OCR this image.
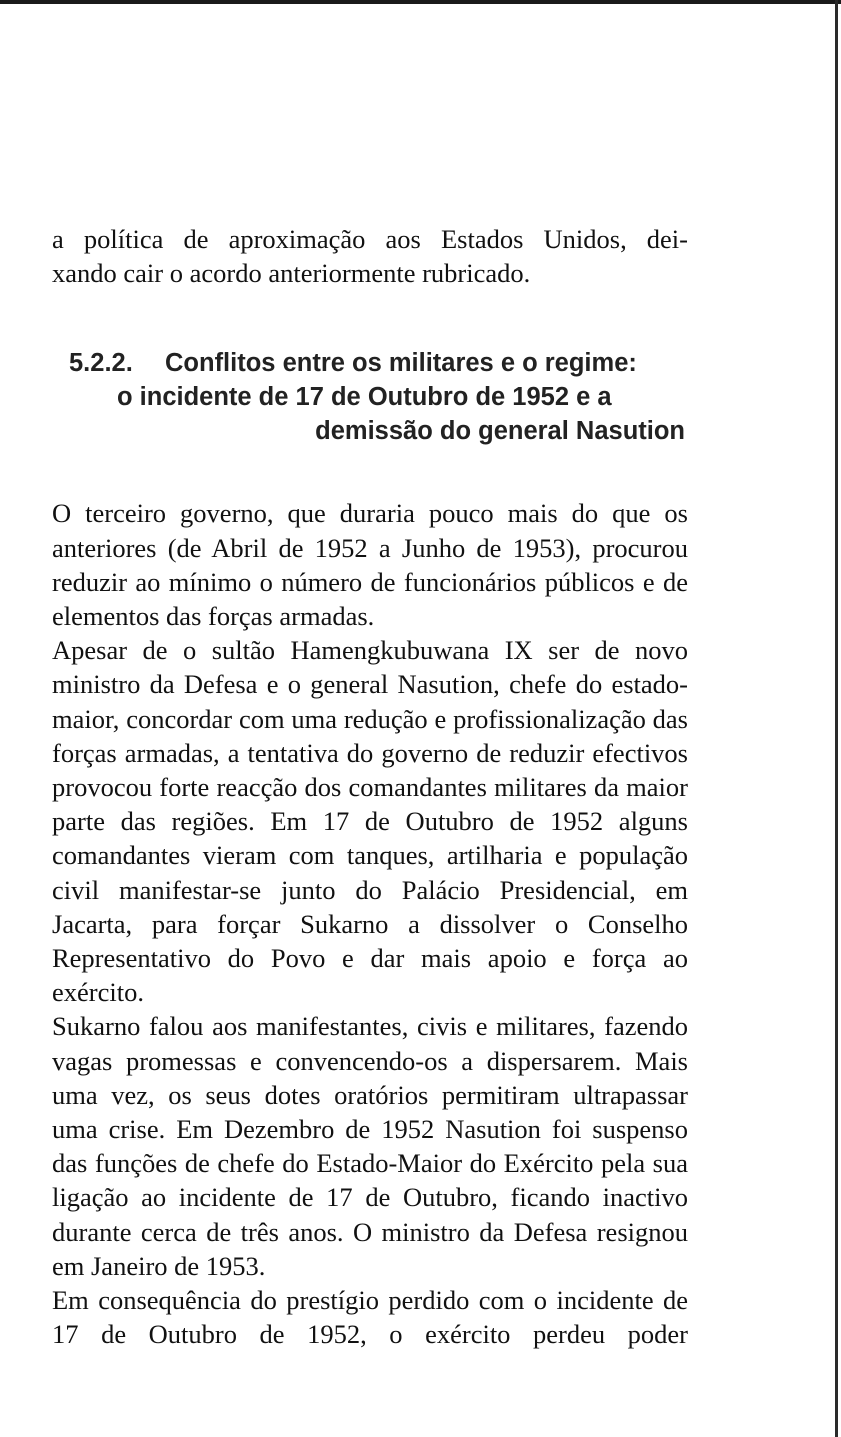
a política de aproximação aos Estados Unidos, dei-
xando cair o acordo anteriormente rubricado.

5.2.2. Conflitos entre os militares e o regime:
o incidente de 17 de Outubro de 1952 e a
demissão do general Nasution

O terceiro governo, que duraria pouco mais do que os anteriores (de Abril de 1952 a Junho de 1953), procurou reduzir ao mínimo o número de funcionários públicos e de elementos das forças armadas.

Apesar de o sultão Hamengkubuwana IX ser de novo ministro da Defesa e o general Nasution, chefe do estado-maior, concordar com uma redução e profissionalização das forças armadas, a tentativa do governo de reduzir efectivos provocou forte reacção dos comandantes militares da maior parte das regiões. Em 17 de Outubro de 1952 alguns comandantes vieram com tanques, artilharia e população civil manifestar-se junto do Palácio Presidencial, em Jacarta, para forçar Sukarno a dissolver o Conselho Representativo do Povo e dar mais apoio e força ao exército.

Sukarno falou aos manifestantes, civis e militares, fazendo vagas promessas e convencendo-os a dispersarem. Mais uma vez, os seus dotes oratórios permitiram ultrapassar uma crise. Em Dezembro de 1952 Nasution foi suspenso das funções de chefe do Estado-Maior do Exército pela sua ligação ao incidente de 17 de Outubro, ficando inactivo durante cerca de três anos. O ministro da Defesa resignou em Janeiro de 1953.

Em consequência do prestígio perdido com o incidente de 17 de Outubro de 1952, o exército perdeu poder
